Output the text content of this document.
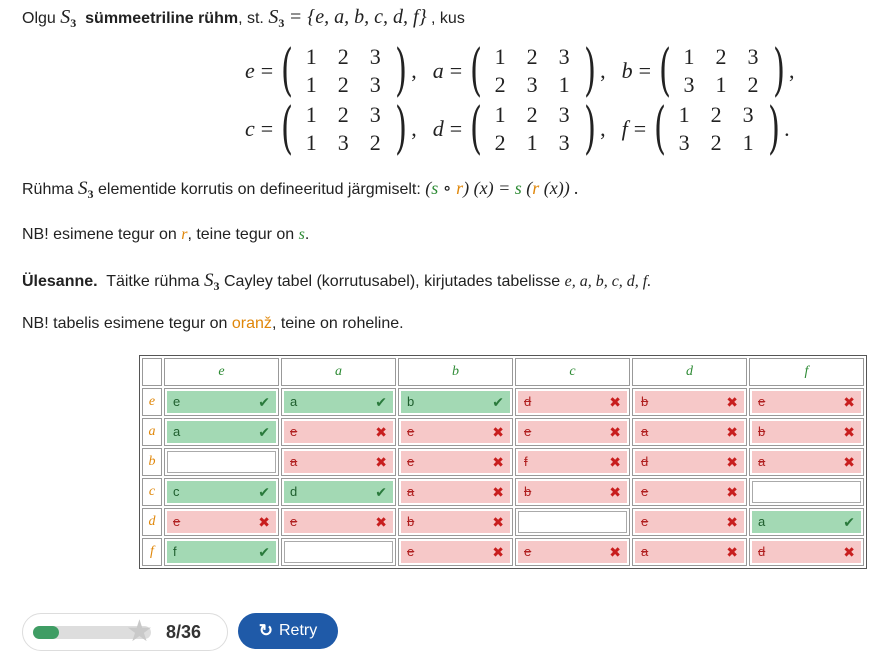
Olgu $S_3$ sümmeetriline rühm, st. $S_3 = \{e$, a, b, c, d, f} , kus
e = ( 1 2 3
1 2 3 ) , a = ( 1 2 3
2 3 1 ) , b = ( 1 2 3
3 1 2 ) ,
c = ( 1 2 3
1 3 2 ) , d = ( 1 2 3
2 1 3 ) , f = ( 1 2 3
3 2 1 ) .
Rühma $S_3$ elementide korrutis on defineeritud järgmiselt: (s ∘ r) (x) = s (r (x)) .
NB! esimene tegur on r, teine tegur on s.
Ülesanne. Täitke rühma $S_3$ Cayley tabel (korrutusabel), kirjutades tabelisse e, a, b, c, d, f.
NB! tabelis esimene tegur on oranž, teine on roheline.
	e	a	b	c	d	f
e	e ✔	a ✔	b ✔	d ✖	b ✖	e ✖

a	a ✔	e ✖	e ✖	e ✖	a ✖	b ✖

b		a ✖	e ✖	f ✖	d ✖	a ✖

c	c ✔	d ✔	a ✖	b ✖	e ✖	

d	e ✖	e ✖	b ✖		e ✖	a ✔

f	f ✔		e ✖	e ✖	a ✖	d ✖
★ 8/36	↻ Retry
